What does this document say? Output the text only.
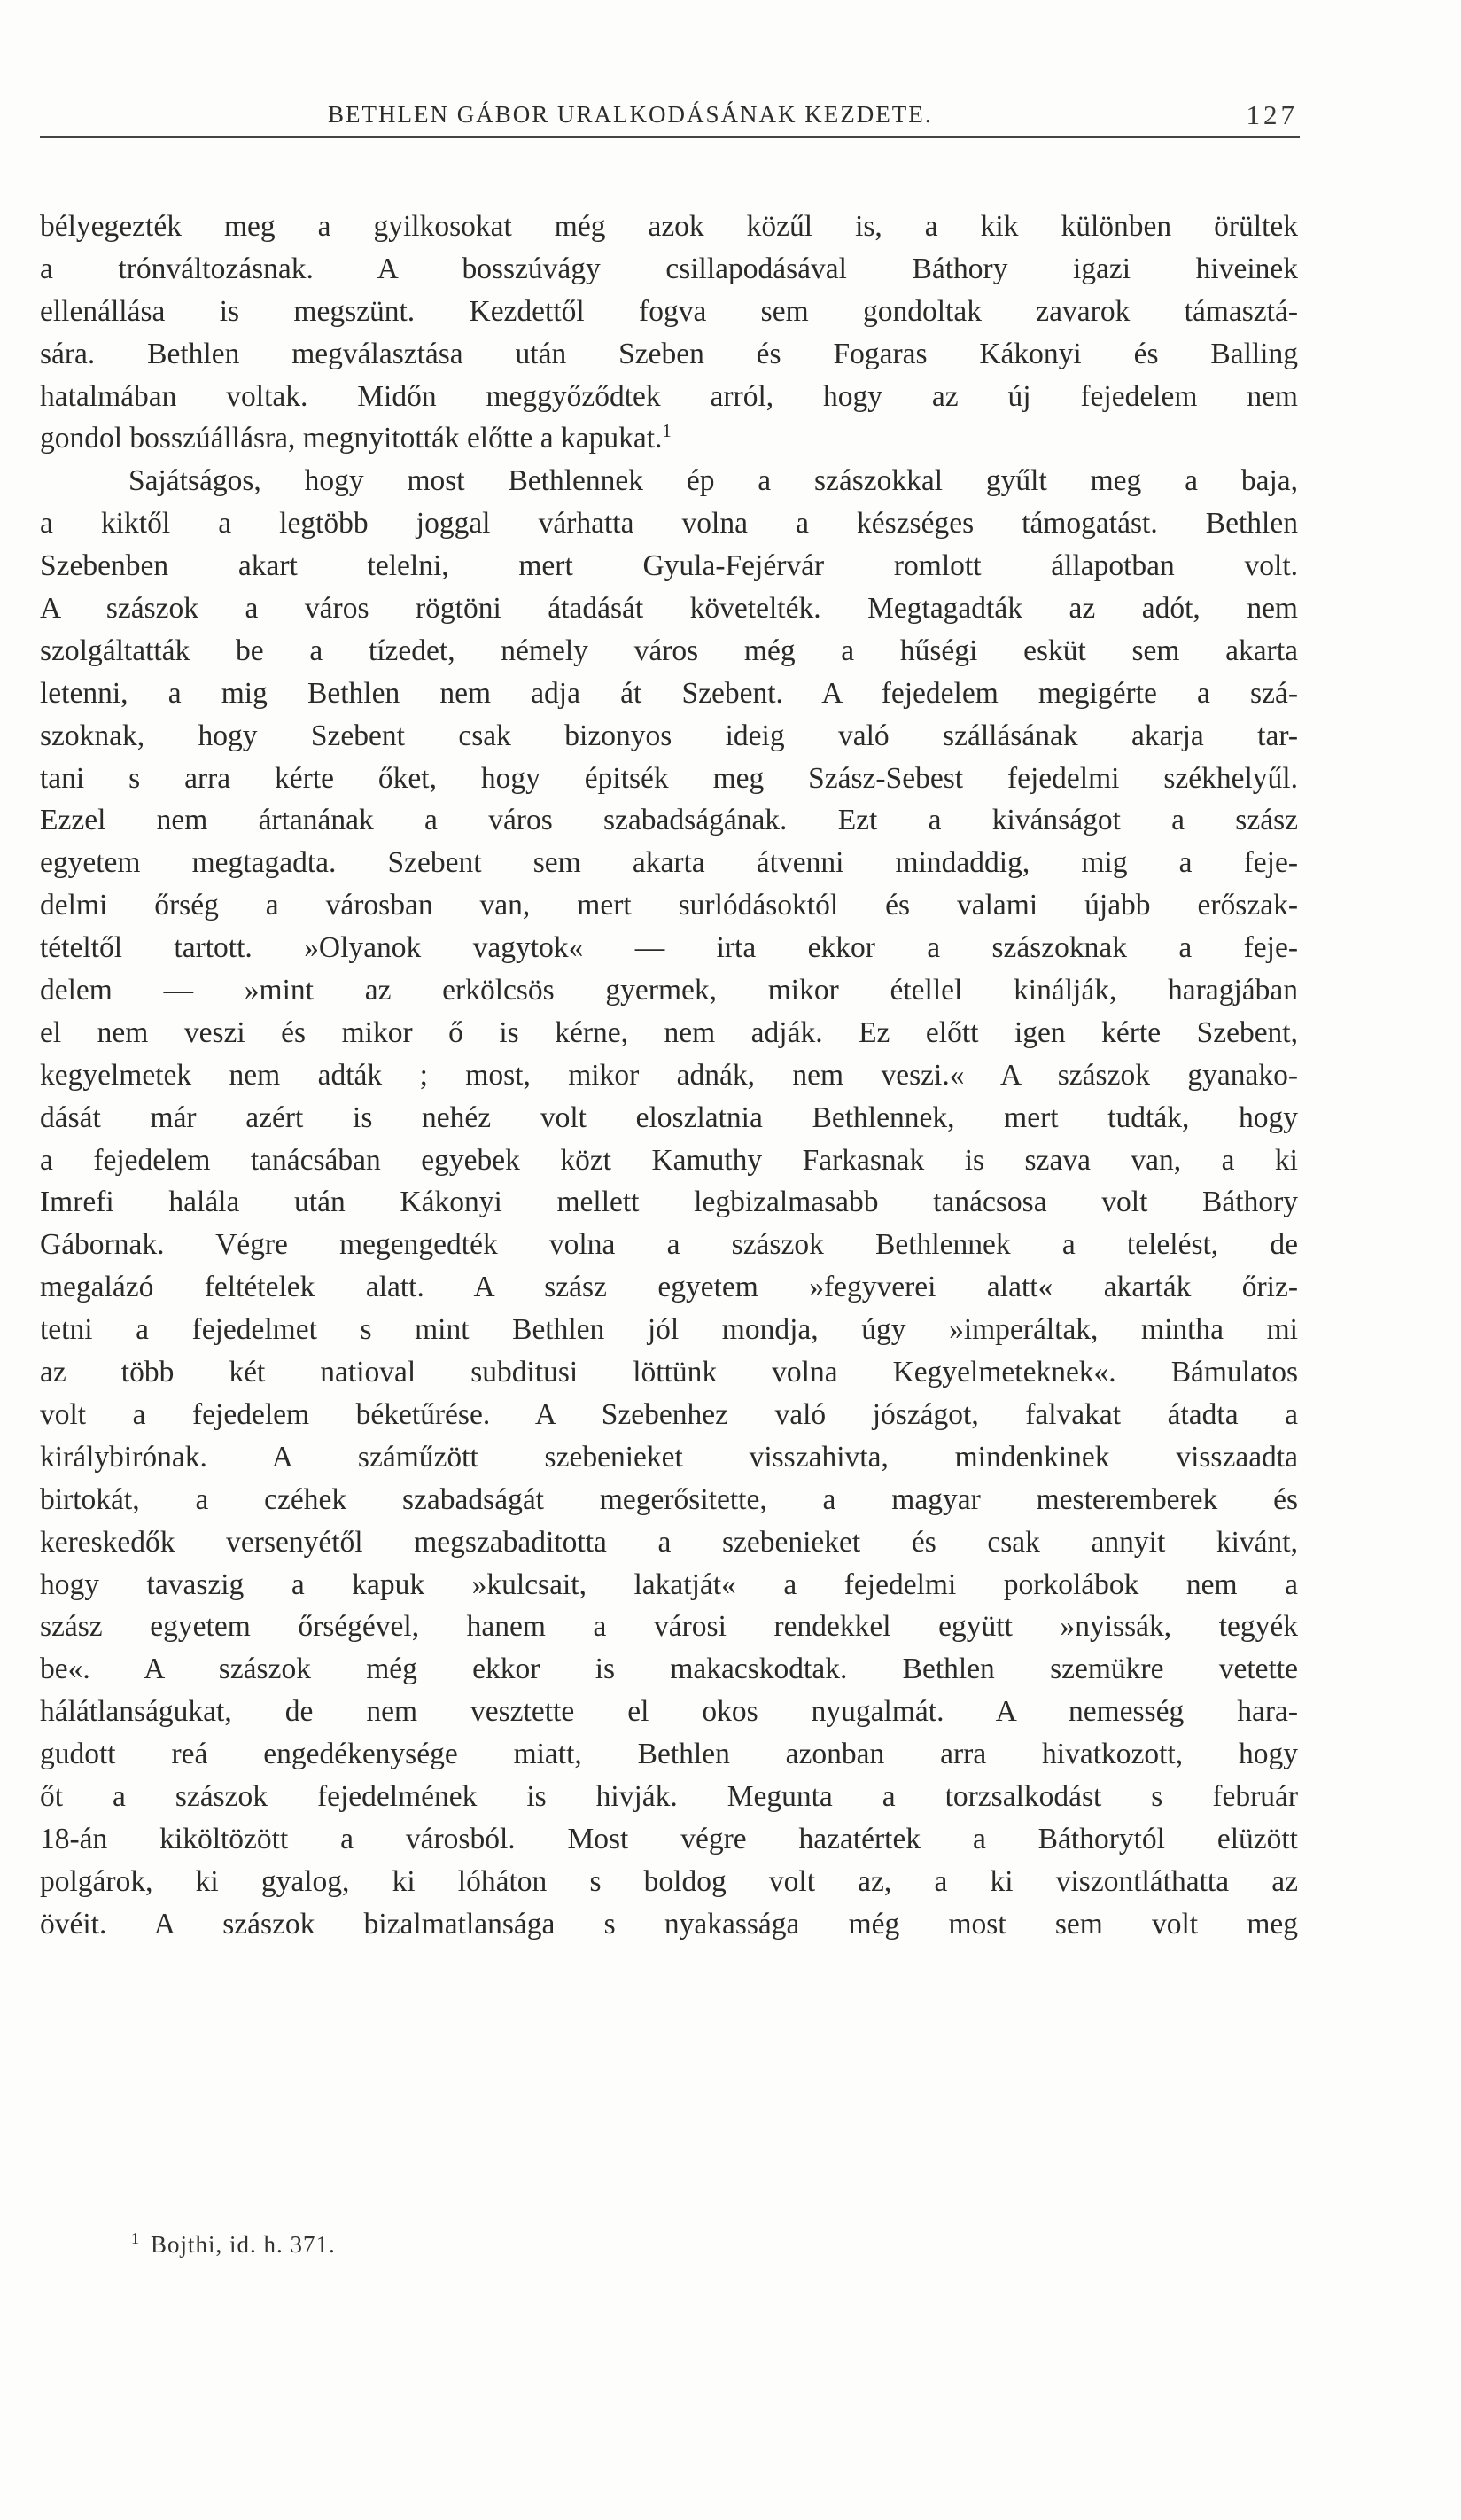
BETHLEN GÁBOR URALKODÁSÁNAK KEZDETE.	127
bélyegezték meg a gyilkosokat még azok közűl is, a kik különben örültek
a trónváltozásnak. A bosszúvágy csillapodásával Báthory igazi hiveinek
ellenállása is megszünt. Kezdettől fogva sem gondoltak zavarok támasztá-
sára. Bethlen megválasztása után Szeben és Fogaras Kákonyi és Balling
hatalmában voltak. Midőn meggyőződtek arról, hogy az új fejedelem nem
gondol bosszúállásra, megnyitották előtte a kapukat.$^1$
Sajátságos, hogy most Bethlennek ép a szászokkal gyűlt meg a baja,
a kiktől a legtöbb joggal várhatta volna a készséges támogatást. Bethlen
Szebenben akart telelni, mert Gyula-Fejérvár romlott állapotban volt.
A szászok a város rögtöni átadását követelték. Megtagadták az adót, nem
szolgáltatták be a tízedet, némely város még a hűségi esküt sem akarta
letenni, a mig Bethlen nem adja át Szebent. A fejedelem megigérte a szá-
szoknak, hogy Szebent csak bizonyos ideig való szállásának akarja tar-
tani s arra kérte őket, hogy épitsék meg Szász-Sebest fejedelmi székhelyűl.
Ezzel nem ártanának a város szabadságának. Ezt a kivánságot a szász
egyetem megtagadta. Szebent sem akarta átvenni mindaddig, mig a feje-
delmi őrség a városban van, mert surlódásoktól és valami újabb erőszak-
tételtől tartott. »Olyanok vagytok« — irta ekkor a szászoknak a feje-
delem — »mint az erkölcsös gyermek, mikor étellel kinálják, haragjában
el nem veszi és mikor ő is kérne, nem adják. Ez előtt igen kérte Szebent,
kegyelmetek nem adták ; most, mikor adnák, nem veszi.« A szászok gyanako-
dását már azért is nehéz volt eloszlatnia Bethlennek, mert tudták, hogy
a fejedelem tanácsában egyebek közt Kamuthy Farkasnak is szava van, a ki
Imrefi halála után Kákonyi mellett legbizalmasabb tanácsosa volt Báthory
Gábornak. Végre megengedték volna a szászok Bethlennek a telelést, de
megalázó feltételek alatt. A szász egyetem »fegyverei alatt« akarták őriz-
tetni a fejedelmet s mint Bethlen jól mondja, úgy »imperáltak, mintha mi
az több két natioval subditusi löttünk volna Kegyelmeteknek«. Bámulatos
volt a fejedelem béketűrése. A Szebenhez való jószágot, falvakat átadta a
királybirónak. A száműzött szebenieket visszahivta, mindenkinek visszaadta
birtokát, a czéhek szabadságát megerősitette, a magyar mesteremberek és
kereskedők versenyétől megszabaditotta a szebenieket és csak annyit kivánt,
hogy tavaszig a kapuk »kulcsait, lakatját« a fejedelmi porkolábok nem a
szász egyetem őrségével, hanem a városi rendekkel együtt »nyissák, tegyék
be«. A szászok még ekkor is makacskodtak. Bethlen szemükre vetette
hálátlanságukat, de nem vesztette el okos nyugalmát. A nemesség hara-
gudott reá engedékenysége miatt, Bethlen azonban arra hivatkozott, hogy
őt a szászok fejedelmének is hivják. Megunta a torzsalkodást s február
18-án kiköltözött a városból. Most végre hazatértek a Báthorytól elüzött
polgárok, ki gyalog, ki lóháton s boldog volt az, a ki viszontláthatta az
övéit. A szászok bizalmatlansága s nyakassága még most sem volt meg
$^1$ Bojthi, id. h. 371.
